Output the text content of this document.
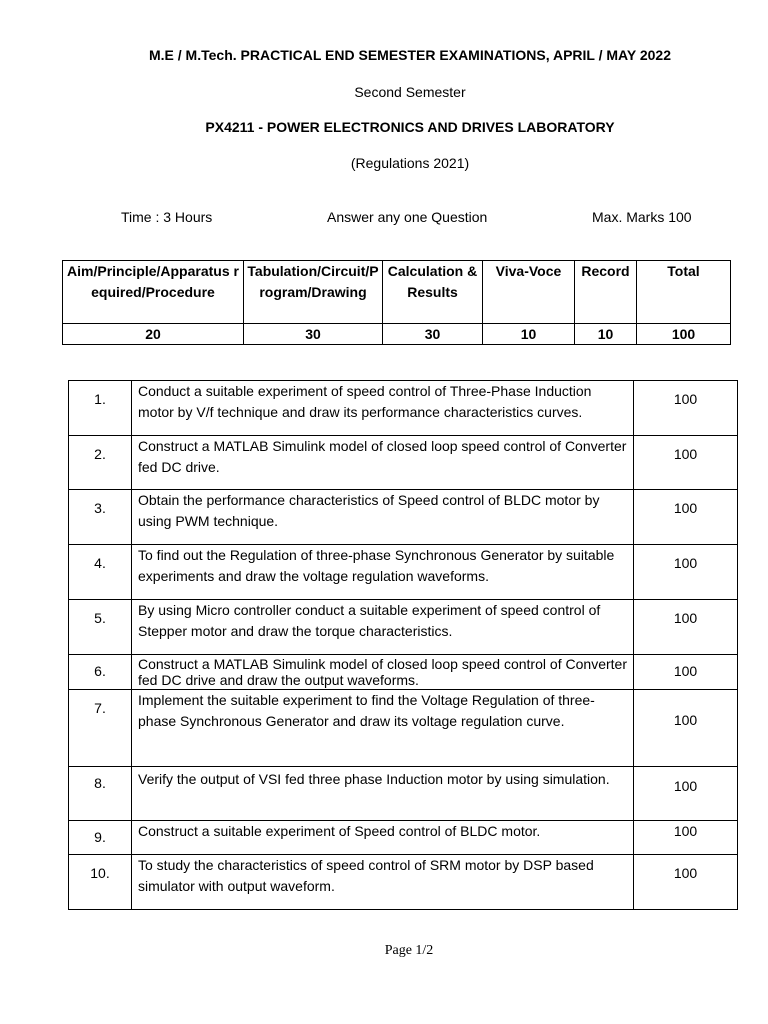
M.E / M.Tech. PRACTICAL END SEMESTER EXAMINATIONS, APRIL / MAY 2022
Second Semester
PX4211 - POWER ELECTRONICS AND DRIVES LABORATORY
(Regulations 2021)
Time : 3 Hours	Answer any one Question	Max. Marks 100
Aim/Principle/Apparatus required/Procedure	Tabulation/Circuit/Program/Drawing	Calculation & Results	Viva-Voce	Record	Total
20	30	30	10	10	100
1.	Conduct a suitable experiment of speed control of Three-Phase Induction motor by V/f technique and draw its performance characteristics curves.	100
2.	Construct a MATLAB Simulink model of closed loop speed control of Converter fed DC drive.	100
3.	Obtain the performance characteristics of Speed control of BLDC motor by using PWM technique.	100
4.	To find out the Regulation of three-phase Synchronous Generator by suitable experiments and draw the voltage regulation waveforms.	100
5.	By using Micro controller conduct a suitable experiment of speed control of Stepper motor and draw the torque characteristics.	100
6.	Construct a MATLAB Simulink model of closed loop speed control of Converter fed DC drive and draw the output waveforms.	100
7.	Implement the suitable experiment to find the Voltage Regulation of three-phase Synchronous Generator and draw its voltage regulation curve.	100
8.	Verify the output of VSI fed three phase Induction motor by using simulation.	100
9.	Construct a suitable experiment of Speed control of BLDC motor.	100
10.	To study the characteristics of speed control of SRM motor by DSP based simulator with output waveform.	100
Page 1/2
